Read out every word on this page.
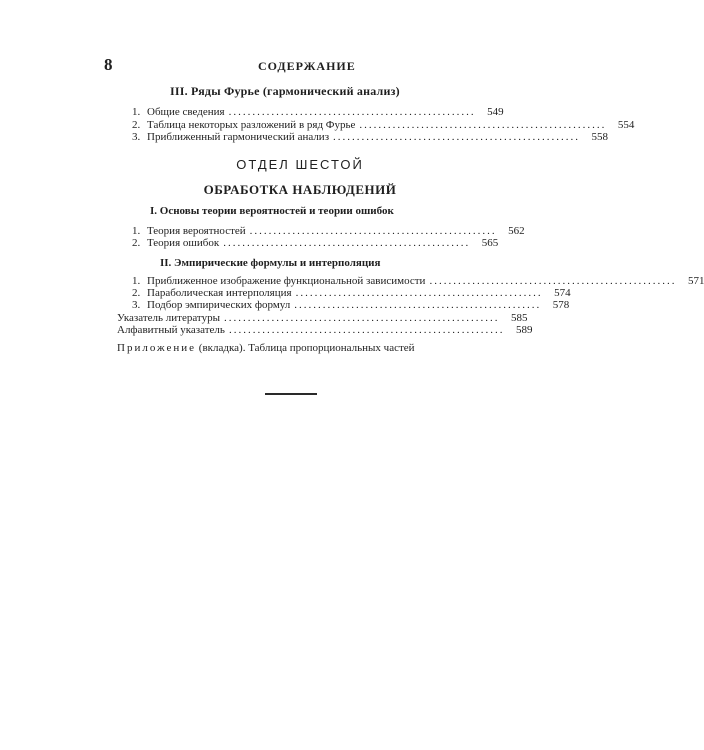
8	СОДЕРЖАНИЕ
III. Ряды Фурье (гармонический анализ)
1. Общие сведения ....................................................	549
2. Таблица некоторых разложений в ряд Фурье ....................................................	554
3. Приближенный гармонический анализ ....................................................	558
ОТДЕЛ ШЕСТОЙ
ОБРАБОТКА НАБЛЮДЕНИЙ
I. Основы теории вероятностей и теории ошибок
1. Теория вероятностей ....................................................	562
2. Теория ошибок ....................................................	565
II. Эмпирические формулы и интерполяция
1. Приближенное изображение функциональной зависимости ....................................................	571
2. Параболическая интерполяция ....................................................	574
3. Подбор эмпирических формул ....................................................	578
Указатель литературы ..........................................................	585
Алфавитный указатель ..........................................................	589
Приложение (вкладка). Таблица пропорциональных частей
